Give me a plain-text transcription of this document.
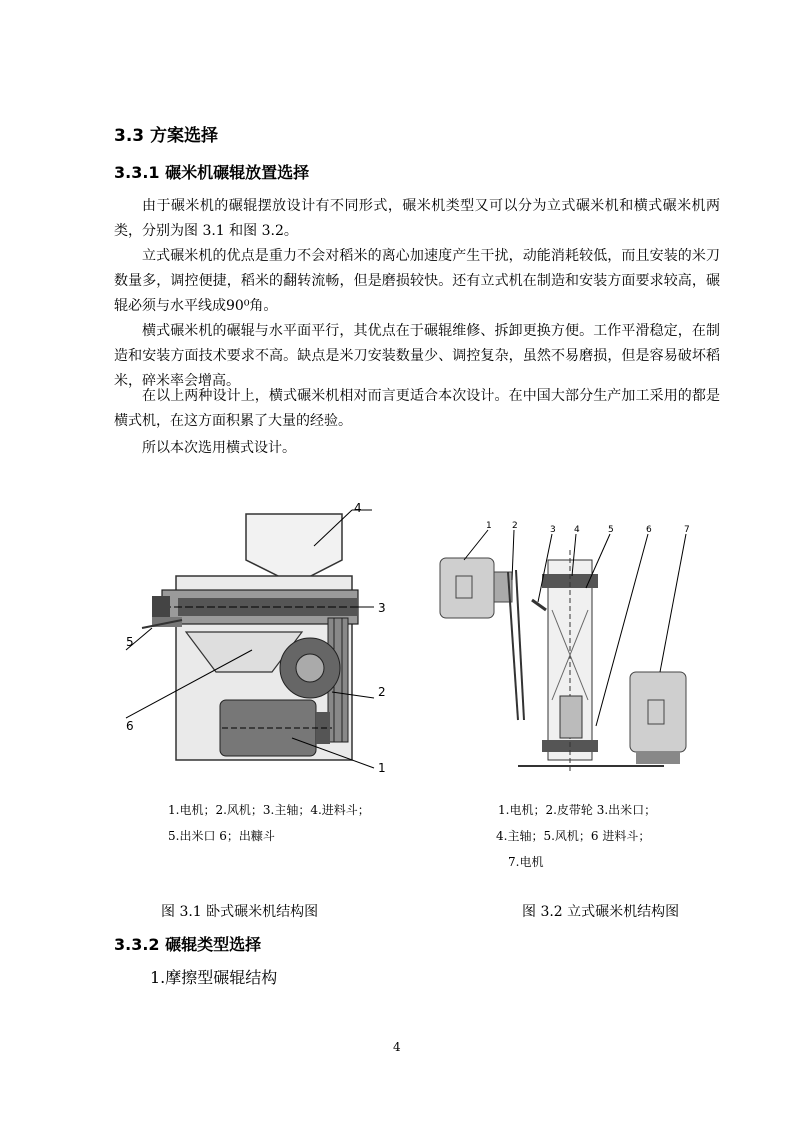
3.3 方案选择
3.3.1 碾米机碾辊放置选择

由于碾米机的碾辊摆放设计有不同形式，碾米机类型又可以分为立式碾米机和横式碾米机两类，分别为图 3.1 和图 3.2。

立式碾米机的优点是重力不会对稻米的离心加速度产生干扰，动能消耗较低，而且安装的米刀数量多，调控便捷，稻米的翻转流畅，但是磨损较快。还有立式机在制造和安装方面要求较高，碾辊必须与水平线成90⁰角。

横式碾米机的碾辊与水平面平行，其优点在于碾辊维修、拆卸更换方便。工作平滑稳定，在制造和安装方面技术要求不高。缺点是米刀安装数量少、调控复杂，虽然不易磨损，但是容易破坏稻米，碎米率会增高。

在以上两种设计上，横式碾米机相对而言更适合本次设计。在中国大部分生产加工采用的都是横式机，在这方面积累了大量的经验。

所以本次选用横式设计。

4
3
5
2
6
1
1 2	3 4	5	6	7
1.电机；2.风机；3.主轴；4.进料斗；
5.出米口 6；出糠斗
1.电机；2.皮带轮 3.出米口；
4.主轴；5.风机；6 进料斗；
7.电机
图 3.1 卧式碾米机结构图	图 3.2 立式碾米机结构图
3.3.2 碾辊类型选择
1.摩擦型碾辊结构
4
